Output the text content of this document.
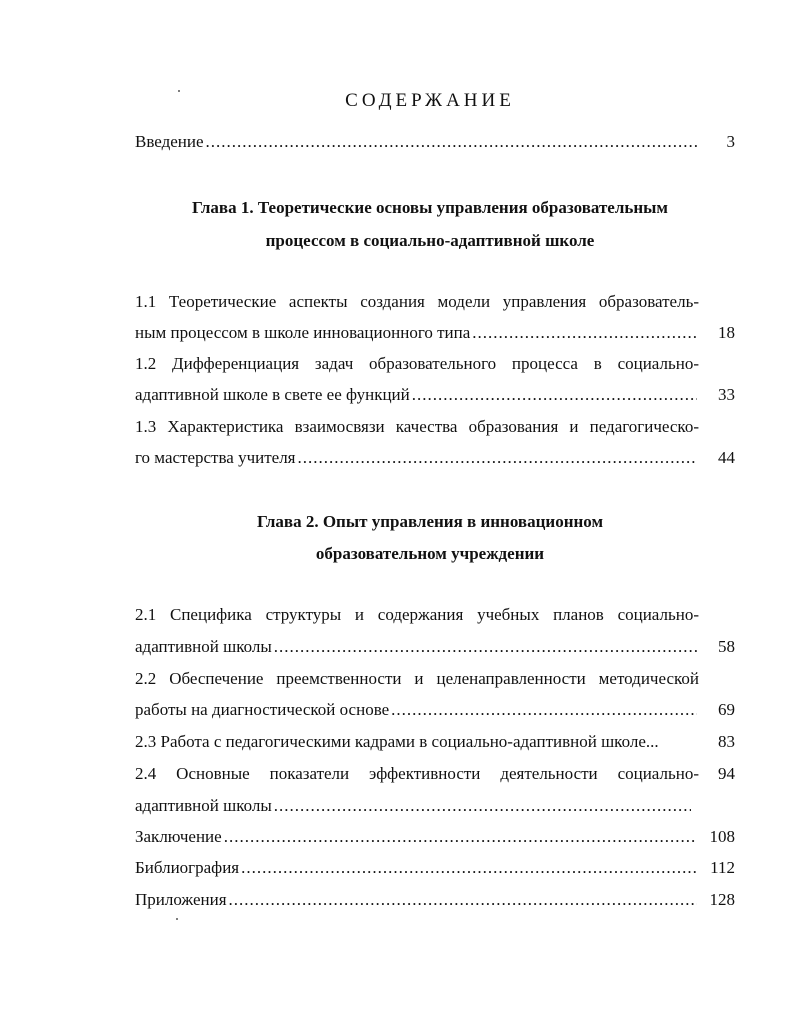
СОДЕРЖАНИЕ
Введение .....	3
Глава 1. Теоретические основы управления образовательным
процессом в социально-адаптивной школе
1.1 Теоретические аспекты создания модели управления образователь-
ным процессом в школе инновационного типа .....	18
1.2 Дифференциация задач образовательного процесса в социально-
адаптивной школе в свете ее функций .....	33
1.3 Характеристика взаимосвязи качества образования и педагогическо-
го мастерства учителя .....	44
Глава 2. Опыт управления в инновационном
образовательном учреждении
2.1 Специфика структуры и содержания учебных планов социально-
адаптивной школы .....	58
2.2 Обеспечение преемственности и целенаправленности методической
работы на диагностической основе .....	69
2.3 Работа с педагогическими кадрами в социально-адаптивной школе...	83
2.4 Основные показатели эффективности деятельности социально-	94
адаптивной школы
.....
Заключение .....	108
Библиография .....	112
Приложения .....	128
